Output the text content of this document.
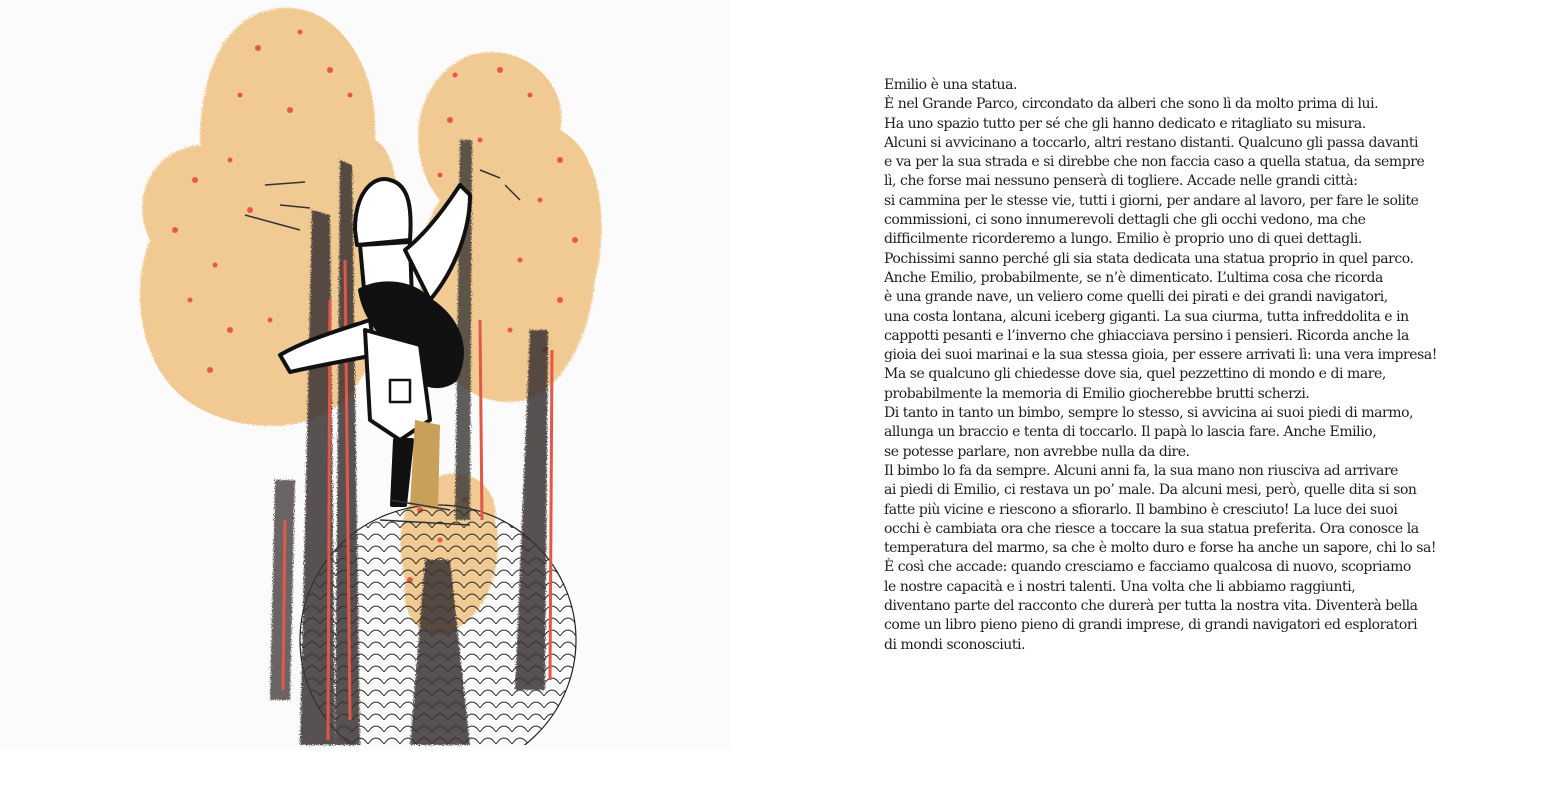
Emilio è una statua.
È nel Grande Parco, circondato da alberi che sono lì da molto prima di lui.
Ha uno spazio tutto per sé che gli hanno dedicato e ritagliato su misura.
Alcuni si avvicinano a toccarlo, altri restano distanti. Qualcuno gli passa davanti
e va per la sua strada e si direbbe che non faccia caso a quella statua, da sempre
lì, che forse mai nessuno penserà di togliere. Accade nelle grandi città:
si cammina per le stesse vie, tutti i giorni, per andare al lavoro, per fare le solite
commissioni, ci sono innumerevoli dettagli che gli occhi vedono, ma che
difficilmente ricorderemo a lungo. Emilio è proprio uno di quei dettagli.
Pochissimi sanno perché gli sia stata dedicata una statua proprio in quel parco.
Anche Emilio, probabilmente, se n’è dimenticato. L’ultima cosa che ricorda
è una grande nave, un veliero come quelli dei pirati e dei grandi navigatori,
una costa lontana, alcuni iceberg giganti. La sua ciurma, tutta infreddolita e in
cappotti pesanti e l’inverno che ghiacciava persino i pensieri. Ricorda anche la
gioia dei suoi marinai e la sua stessa gioia, per essere arrivati lì: una vera impresa!
Ma se qualcuno gli chiedesse dove sia, quel pezzettino di mondo e di mare,
probabilmente la memoria di Emilio giocherebbe brutti scherzi.
Di tanto in tanto un bimbo, sempre lo stesso, si avvicina ai suoi piedi di marmo,
allunga un braccio e tenta di toccarlo. Il papà lo lascia fare. Anche Emilio,
se potesse parlare, non avrebbe nulla da dire.
Il bimbo lo fa da sempre. Alcuni anni fa, la sua mano non riusciva ad arrivare
ai piedi di Emilio, ci restava un po’ male. Da alcuni mesi, però, quelle dita si son
fatte più vicine e riescono a sfiorarlo. Il bambino è cresciuto! La luce dei suoi
occhi è cambiata ora che riesce a toccare la sua statua preferita. Ora conosce la
temperatura del marmo, sa che è molto duro e forse ha anche un sapore, chi lo sa!
È così che accade: quando cresciamo e facciamo qualcosa di nuovo, scopriamo
le nostre capacità e i nostri talenti. Una volta che li abbiamo raggiunti,
diventano parte del racconto che durerà per tutta la nostra vita. Diventerà bella
come un libro pieno pieno di grandi imprese, di grandi navigatori ed esploratori
di mondi sconosciuti.
